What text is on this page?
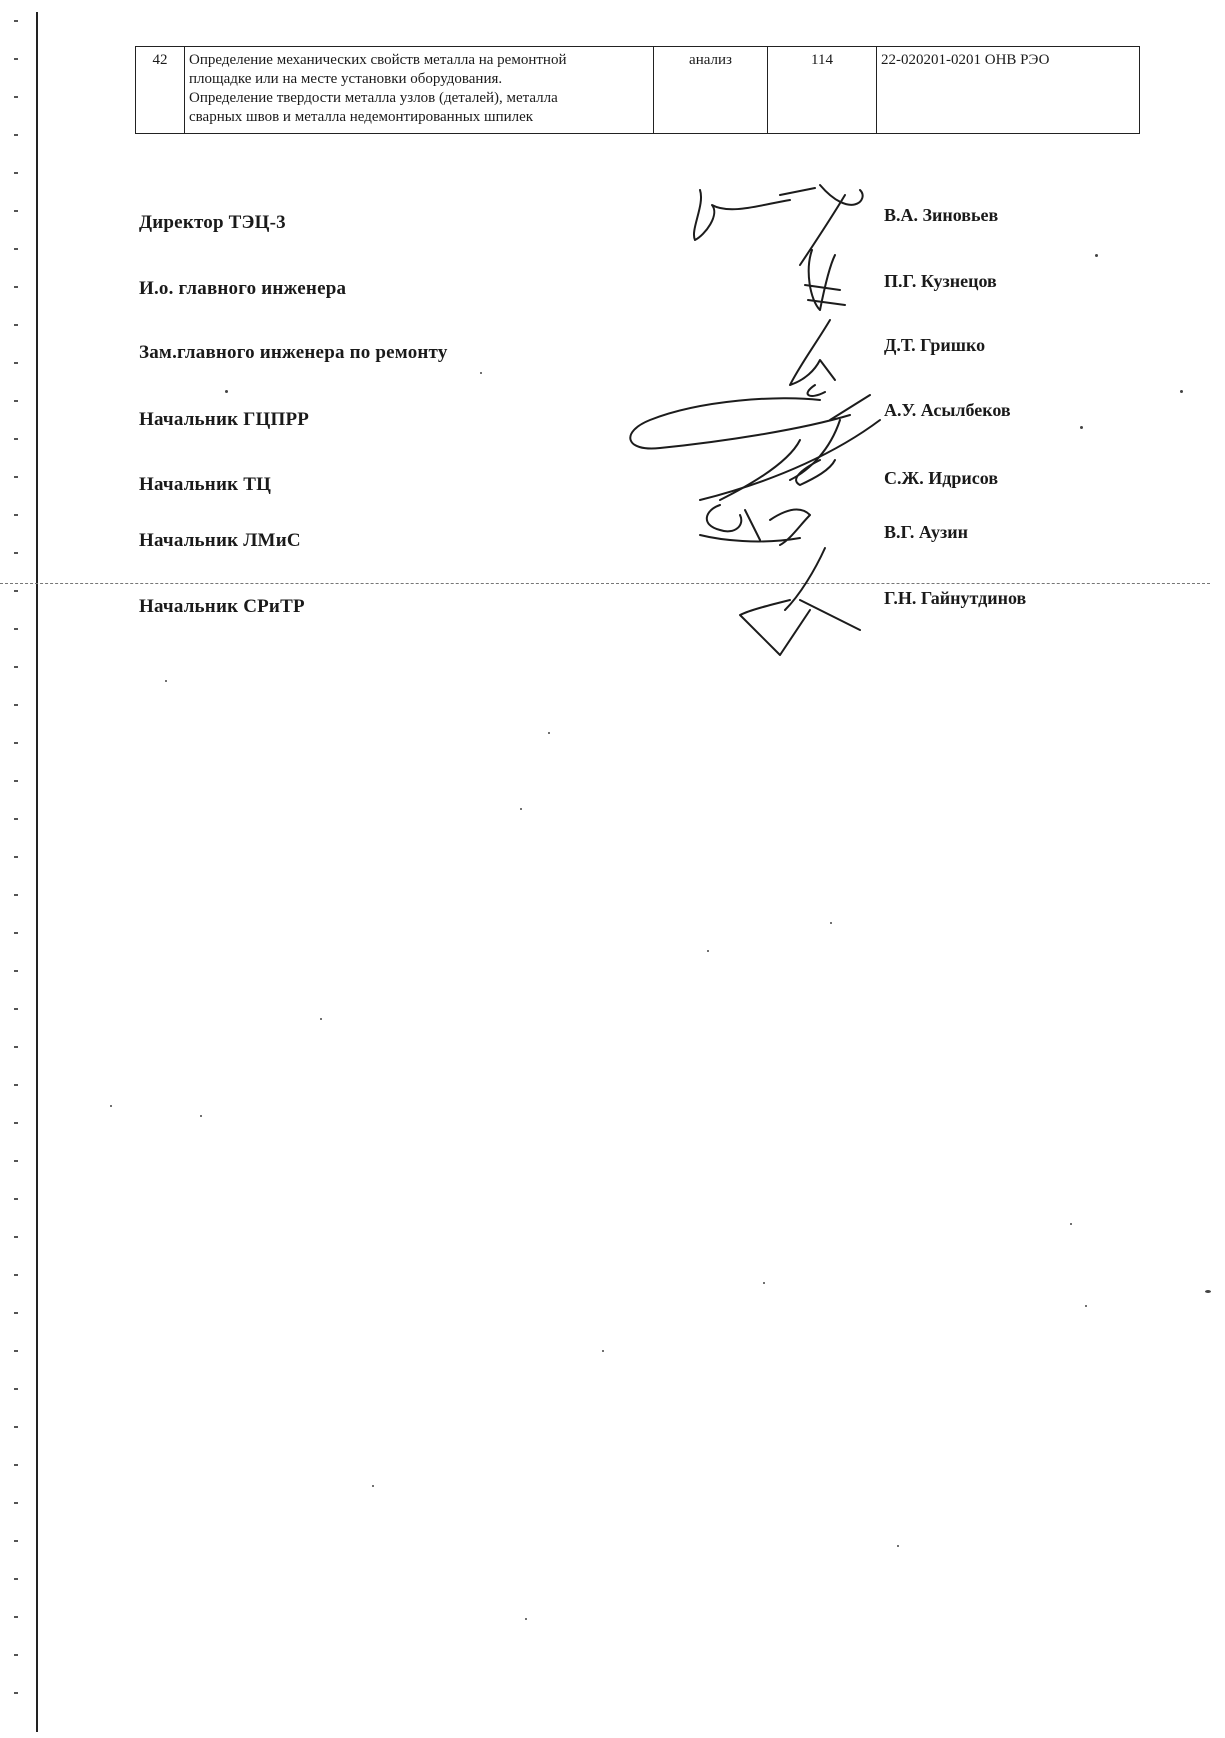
42	Определение механических свойств металла на ремонтной
площадке или на месте установки оборудования.
Определение твердости металла узлов (деталей), металла
сварных швов и металла недемонтированных шпилек
	анализ	114	22-020201-0201 ОНВ РЭО
Директор ТЭЦ-3
И.о. главного инженера
Зам.главного инженера по ремонту
Начальник ГЦПРР
Начальник ТЦ
Начальник ЛМиС
Начальник СРиТР
В.А. Зиновьев
П.Г. Кузнецов
Д.Т. Гришко
А.У. Асылбеков
С.Ж. Идрисов
В.Г. Аузин
Г.Н. Гайнутдинов
